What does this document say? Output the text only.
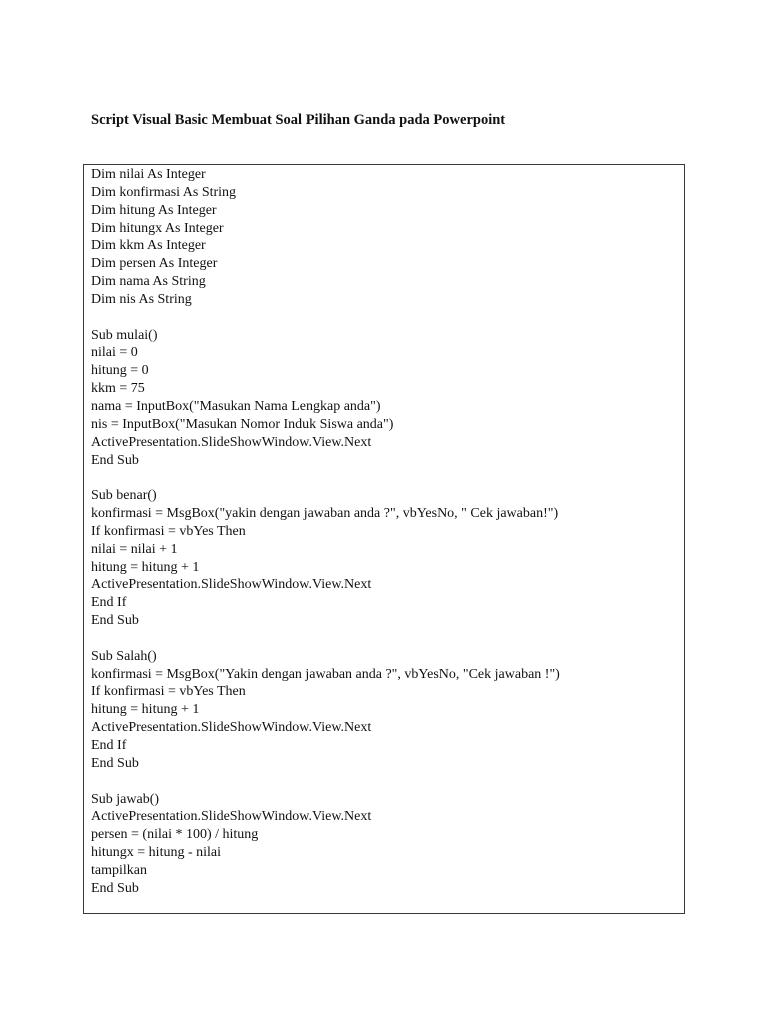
Script Visual Basic Membuat Soal Pilihan Ganda pada Powerpoint
Dim nilai As Integer
Dim konfirmasi As String
Dim hitung As Integer
Dim hitungx As Integer
Dim kkm As Integer
Dim persen As Integer
Dim nama As String
Dim nis As String
Sub mulai()
nilai = 0
hitung = 0
kkm = 75
nama = InputBox("Masukan Nama Lengkap anda")
nis = InputBox("Masukan Nomor Induk Siswa anda")
ActivePresentation.SlideShowWindow.View.Next
End Sub
Sub benar()
konfirmasi = MsgBox("yakin dengan jawaban anda ?", vbYesNo, " Cek jawaban!")
If konfirmasi = vbYes Then
nilai = nilai + 1
hitung = hitung + 1
ActivePresentation.SlideShowWindow.View.Next
End If
End Sub
Sub Salah()
konfirmasi = MsgBox("Yakin dengan jawaban anda ?", vbYesNo, "Cek jawaban !")
If konfirmasi = vbYes Then
hitung = hitung + 1
ActivePresentation.SlideShowWindow.View.Next
End If
End Sub
Sub jawab()
ActivePresentation.SlideShowWindow.View.Next
persen = (nilai * 100) / hitung
hitungx = hitung - nilai
tampilkan
End Sub
